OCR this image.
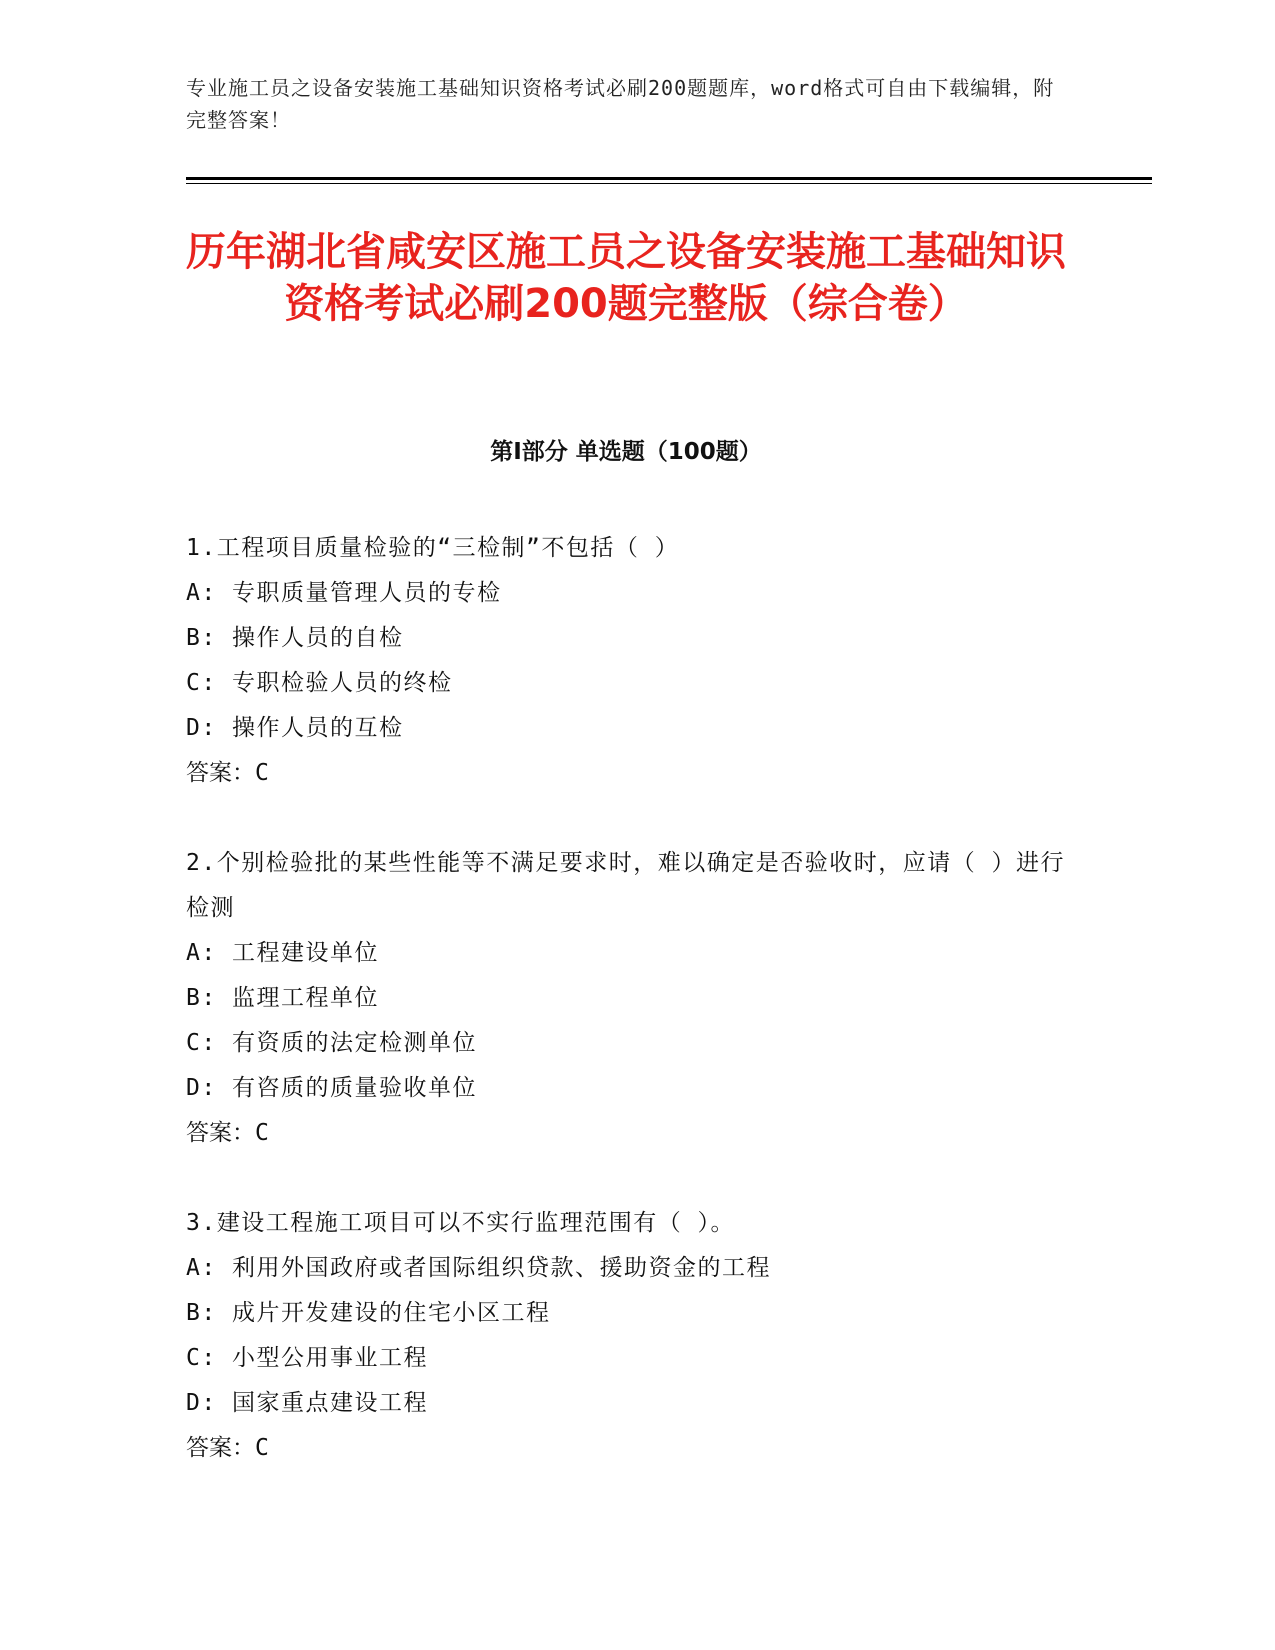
专业施工员之设备安装施工基础知识资格考试必刷200题题库，word格式可自由下载编辑，附完整答案！
历年湖北省咸安区施工员之设备安装施工基础知识资格考试必刷200题完整版（综合卷）
第Ⅰ部分 单选题（100题）
1.工程项目质量检验的“三检制”不包括（ ）
A: 专职质量管理人员的专检
B: 操作人员的自检
C: 专职检验人员的终检
D: 操作人员的互检
答案：C
2.个别检验批的某些性能等不满足要求时，难以确定是否验收时，应请（ ）进行检测
A: 工程建设单位
B: 监理工程单位
C: 有资质的法定检测单位
D: 有咨质的质量验收单位
答案：C
3.建设工程施工项目可以不实行监理范围有（ ）。
A: 利用外国政府或者国际组织贷款、援助资金的工程
B: 成片开发建设的住宅小区工程
C: 小型公用事业工程
D: 国家重点建设工程
答案：C
